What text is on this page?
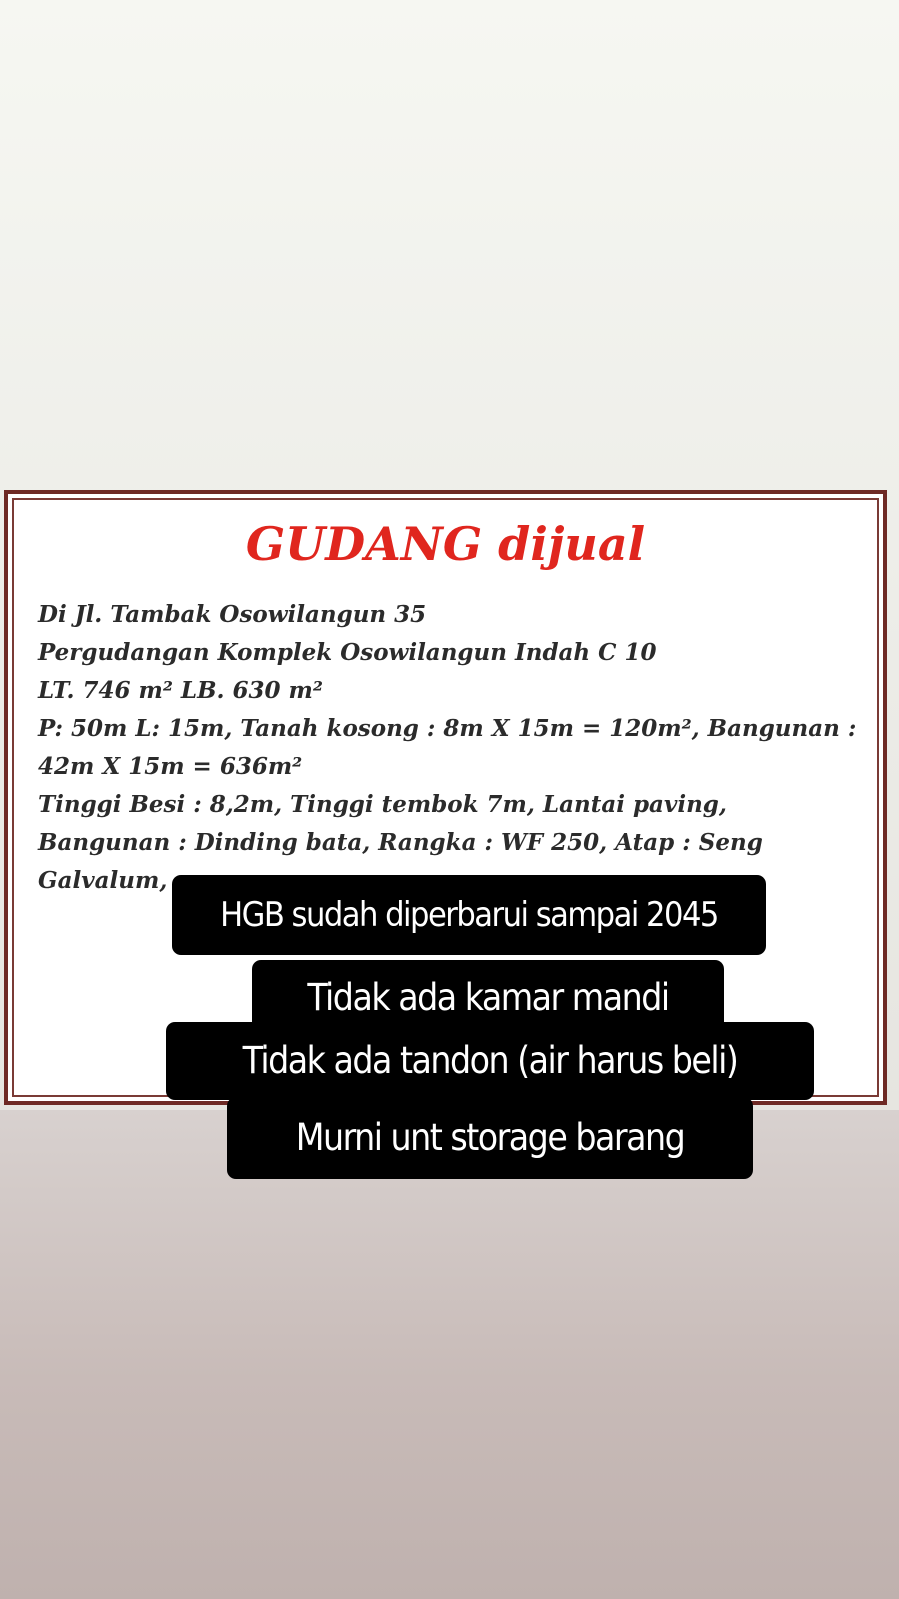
GUDANG dijual
Di Jl. Tambak Osowilangun 35
Pergudangan Komplek Osowilangun Indah C 10
LT. 746 m² LB. 630 m²
P: 50m L: 15m, Tanah kosong : 8m X 15m = 120m², Bangunan :
42m X 15m = 636m²
Tinggi Besi : 8,2m, Tinggi tembok 7m, Lantai paving,
Bangunan : Dinding bata, Rangka : WF 250, Atap : Seng
Galvalum,
HGB sudah diperbarui sampai 2045
Tidak ada kamar mandi
Tidak ada tandon (air harus beli)
Murni unt storage barang
